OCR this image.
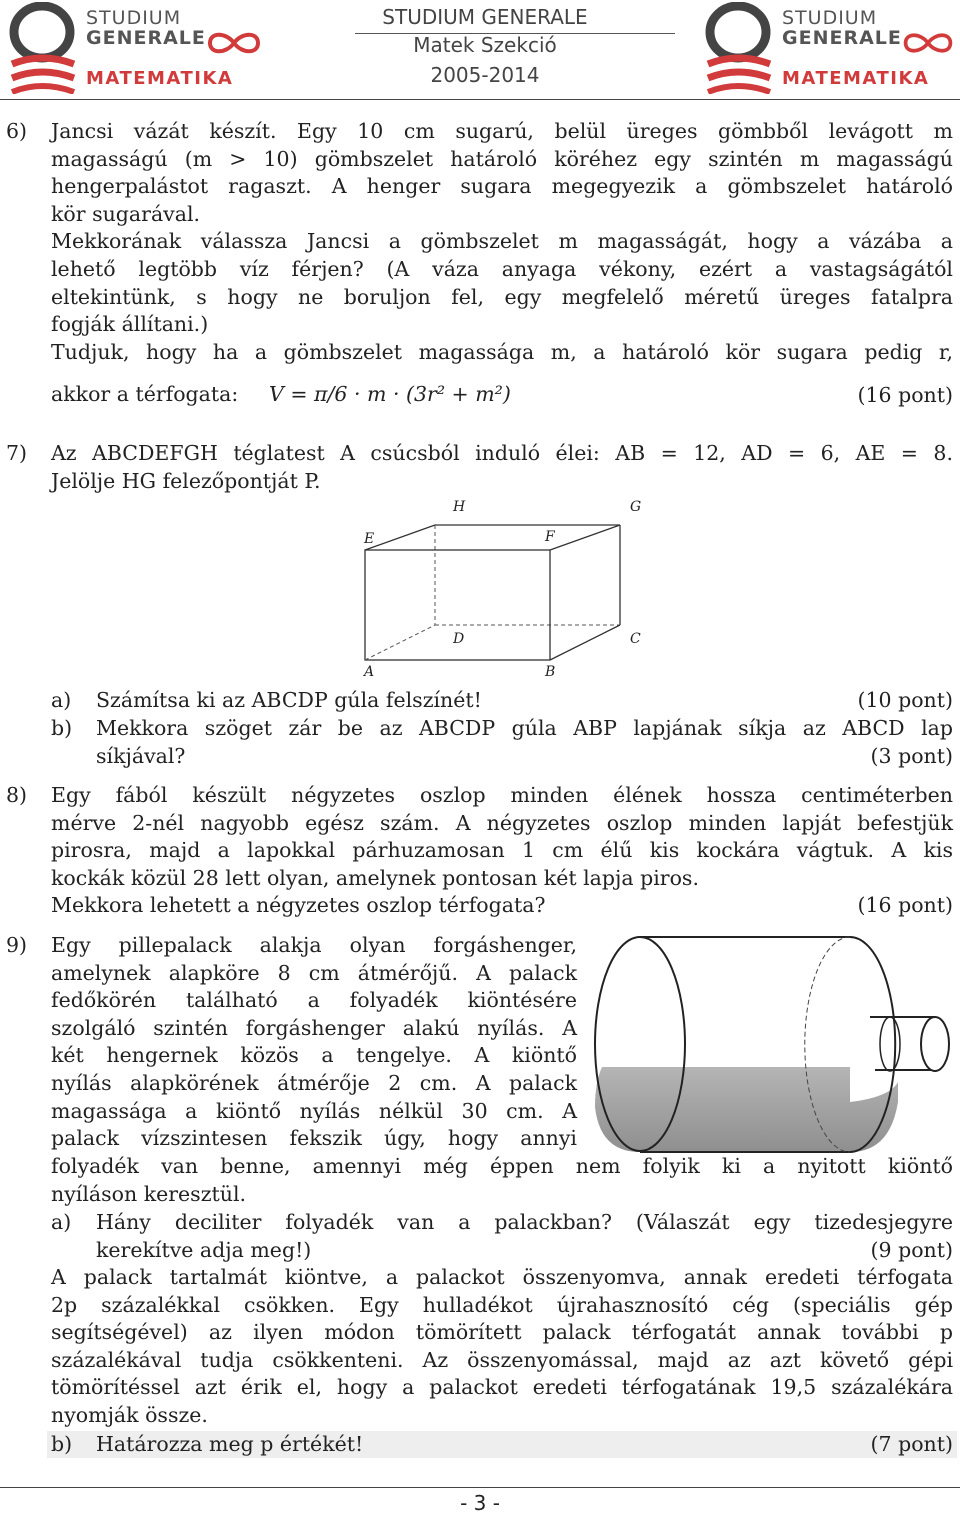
STUDIUM
GENERALE
MATEMATIKA
STUDIUM GENERALE
Matek Szekció
2005-2014
STUDIUM
GENERALE
MATEMATIKA
6) Jancsi vázát készít. Egy 10 cm sugarú, belül üreges gömbből levágott m
magasságú (m > 10) gömbszelet határoló köréhez egy szintén m magasságú
hengerpalástot ragaszt. A henger sugara megegyezik a gömbszelet határoló
kör sugarával.
Mekkorának válassza Jancsi a gömbszelet m magasságát, hogy a vázába a
lehető legtöbb víz férjen? (A váza anyaga vékony, ezért a vastagságától
eltekintünk, s hogy ne boruljon fel, egy megfelelő méretű üreges fatalpra
fogják állítani.)
Tudjuk, hogy ha a gömbszelet magassága m, a határoló kör sugara pedig r,
akkor a térfogata: V = π/6 · m · (3r² + m²)	(16 pont)
7) Az ABCDEFGH téglatest A csúcsból induló élei: AB = 12, AD = 6, AE = 8.
Jelölje HG felezőpontját P.
H	G
E	F
D	C
A	B
a) Számítsa ki az ABCDP gúla felszínét!	(10 pont)
b) Mekkora szöget zár be az ABCDP gúla ABP lapjának síkja az ABCD lap
síkjával?	(3 pont)
8) Egy fából készült négyzetes oszlop minden élének hossza centiméterben
mérve 2-nél nagyobb egész szám. A négyzetes oszlop minden lapját befestjük
pirosra, majd a lapokkal párhuzamosan 1 cm élű kis kockára vágtuk. A kis
kockák közül 28 lett olyan, amelynek pontosan két lapja piros.
Mekkora lehetett a négyzetes oszlop térfogata?	(16 pont)
9) Egy pillepalack alakja olyan forgáshenger,
amelynek alapköre 8 cm átmérőjű. A palack
fedőkörén található a folyadék kiöntésére
szolgáló szintén forgáshenger alakú nyílás. A
két hengernek közös a tengelye. A kiöntő
nyílás alapkörének átmérője 2 cm. A palack
magassága a kiöntő nyílás nélkül 30 cm. A
palack vízszintesen fekszik úgy, hogy annyi
folyadék van benne, amennyi még éppen nem folyik ki a nyitott kiöntő
nyíláson keresztül.
a) Hány deciliter folyadék van a palackban? (Válaszát egy tizedesjegyre
kerekítve adja meg!)	(9 pont)
A palack tartalmát kiöntve, a palackot összenyomva, annak eredeti térfogata
2p százalékkal csökken. Egy hulladékot újrahasznosító cég (speciális gép
segítségével) az ilyen módon tömörített palack térfogatát annak további p
százalékával tudja csökkenteni. Az összenyomással, majd az azt követő gépi
tömörítéssel azt érik el, hogy a palackot eredeti térfogatának 19,5 százalékára
nyomják össze.
b) Határozza meg p értékét!	(7 pont)
- 3 -
